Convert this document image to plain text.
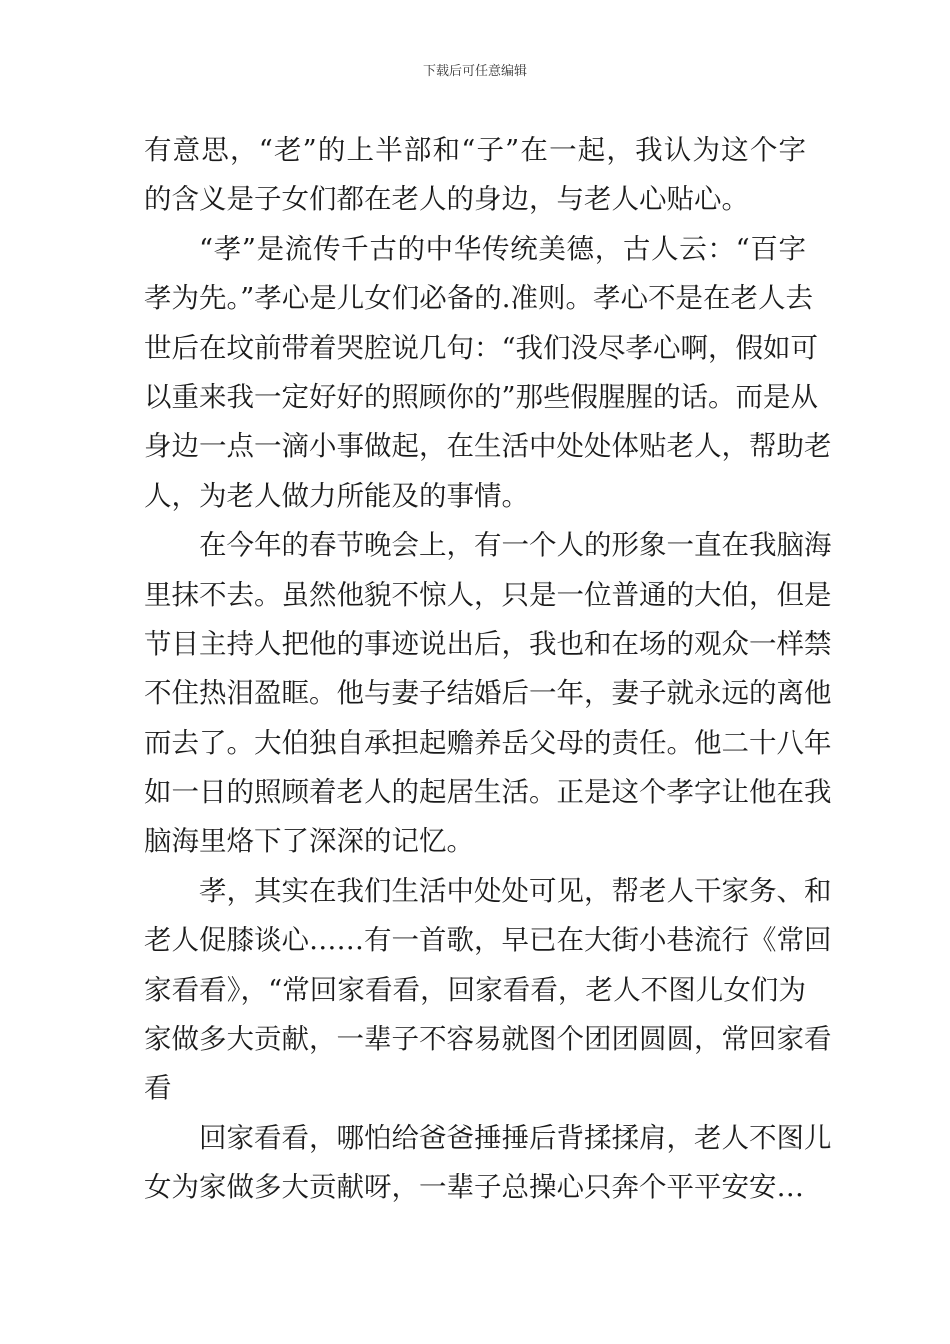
下载后可任意编辑
有意思，“老”的上半部和“子”在一起，我认为这个字
的含义是子女们都在老人的身边，与老人心贴心。
“孝”是流传千古的中华传统美德，古人云：“百字
孝为先。”孝心是儿女们必备的.准则。孝心不是在老人去
世后在坟前带着哭腔说几句：“我们没尽孝心啊，假如可
以重来我一定好好的照顾你的”那些假腥腥的话。而是从
身边一点一滴小事做起，在生活中处处体贴老人，帮助老
人，为老人做力所能及的事情。
在今年的春节晚会上，有一个人的形象一直在我脑海
里抹不去。虽然他貌不惊人，只是一位普通的大伯，但是
节目主持人把他的事迹说出后，我也和在场的观众一样禁
不住热泪盈眶。他与妻子结婚后一年，妻子就永远的离他
而去了。大伯独自承担起赡养岳父母的责任。他二十八年
如一日的照顾着老人的起居生活。正是这个孝字让他在我
脑海里烙下了深深的记忆。
孝，其实在我们生活中处处可见，帮老人干家务、和
老人促膝谈心……有一首歌，早已在大街小巷流行《常回
家看看》，“常回家看看，回家看看，老人不图儿女们为
家做多大贡献，一辈子不容易就图个团团圆圆，常回家看
看
回家看看，哪怕给爸爸捶捶后背揉揉肩，老人不图儿
女为家做多大贡献呀，一辈子总操心只奔个平平安安…
